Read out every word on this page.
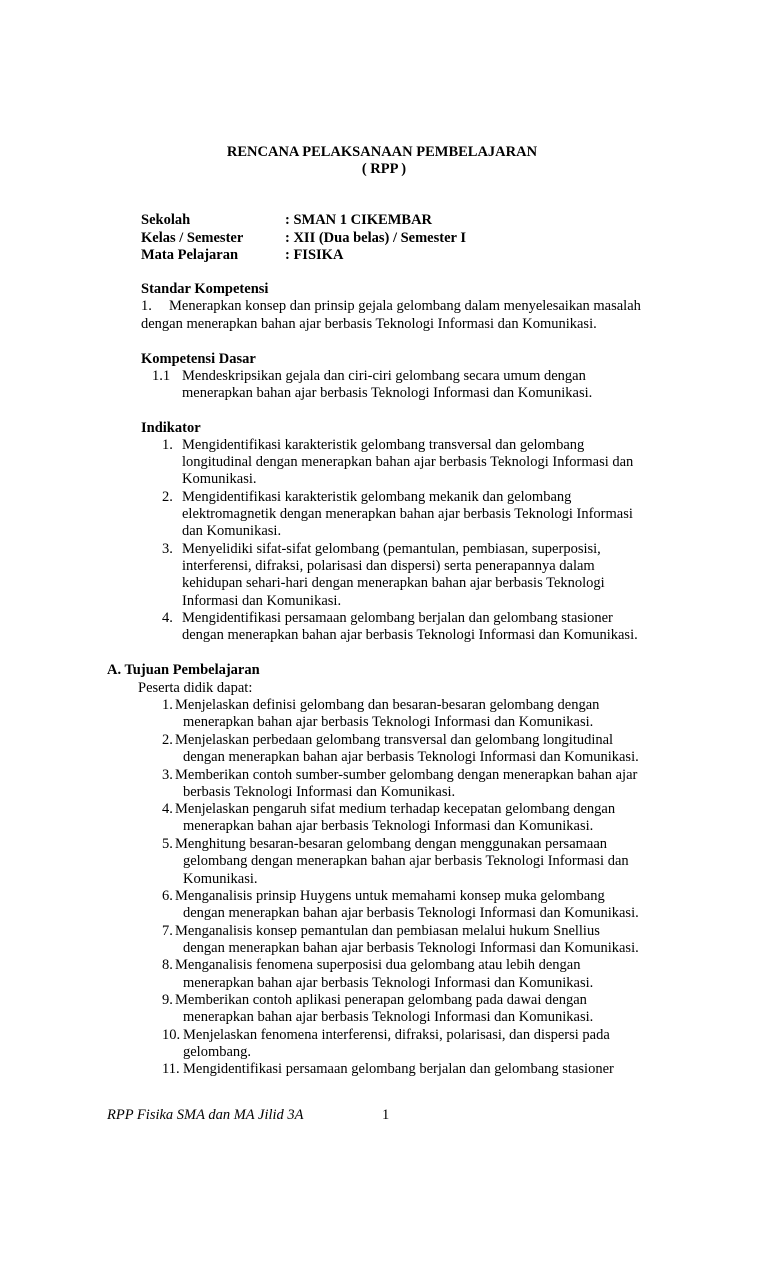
RENCANA PELAKSANAAN PEMBELAJARAN
( RPP )
Sekolah	: SMAN 1 CIKEMBAR
Kelas / Semester	: XII (Dua belas) / Semester I
Mata Pelajaran	: FISIKA
Standar Kompetensi
1. Menerapkan konsep dan prinsip gejala gelombang dalam menyelesaikan masalah
dengan menerapkan bahan ajar berbasis Teknologi Informasi dan Komunikasi.
Kompetensi Dasar
1.1 Mendeskripsikan gejala dan ciri-ciri gelombang secara umum dengan
menerapkan bahan ajar berbasis Teknologi Informasi dan Komunikasi.
Indikator
1. Mengidentifikasi karakteristik gelombang transversal dan gelombang
longitudinal dengan menerapkan bahan ajar berbasis Teknologi Informasi dan
Komunikasi.
2. Mengidentifikasi karakteristik gelombang mekanik dan gelombang
elektromagnetik dengan menerapkan bahan ajar berbasis Teknologi Informasi
dan Komunikasi.
3. Menyelidiki sifat-sifat gelombang (pemantulan, pembiasan, superposisi,
interferensi, difraksi, polarisasi dan dispersi) serta penerapannya dalam
kehidupan sehari-hari dengan menerapkan bahan ajar berbasis Teknologi
Informasi dan Komunikasi.
4. Mengidentifikasi persamaan gelombang berjalan dan gelombang stasioner
dengan menerapkan bahan ajar berbasis Teknologi Informasi dan Komunikasi.
A. Tujuan Pembelajaran
Peserta didik dapat:
1. Menjelaskan definisi gelombang dan besaran-besaran gelombang dengan
menerapkan bahan ajar berbasis Teknologi Informasi dan Komunikasi.
2. Menjelaskan perbedaan gelombang transversal dan gelombang longitudinal
dengan menerapkan bahan ajar berbasis Teknologi Informasi dan Komunikasi.
3. Memberikan contoh sumber-sumber gelombang dengan menerapkan bahan ajar
berbasis Teknologi Informasi dan Komunikasi.
4. Menjelaskan pengaruh sifat medium terhadap kecepatan gelombang dengan
menerapkan bahan ajar berbasis Teknologi Informasi dan Komunikasi.
5. Menghitung besaran-besaran gelombang dengan menggunakan persamaan
gelombang dengan menerapkan bahan ajar berbasis Teknologi Informasi dan
Komunikasi.
6. Menganalisis prinsip Huygens untuk memahami konsep muka gelombang
dengan menerapkan bahan ajar berbasis Teknologi Informasi dan Komunikasi.
7. Menganalisis konsep pemantulan dan pembiasan melalui hukum Snellius
dengan menerapkan bahan ajar berbasis Teknologi Informasi dan Komunikasi.
8. Menganalisis fenomena superposisi dua gelombang atau lebih dengan
menerapkan bahan ajar berbasis Teknologi Informasi dan Komunikasi.
9. Memberikan contoh aplikasi penerapan gelombang pada dawai dengan
menerapkan bahan ajar berbasis Teknologi Informasi dan Komunikasi.
10. Menjelaskan fenomena interferensi, difraksi, polarisasi, dan dispersi pada
gelombang.
11. Mengidentifikasi persamaan gelombang berjalan dan gelombang stasioner
RPP Fisika SMA dan MA Jilid 3A	1
